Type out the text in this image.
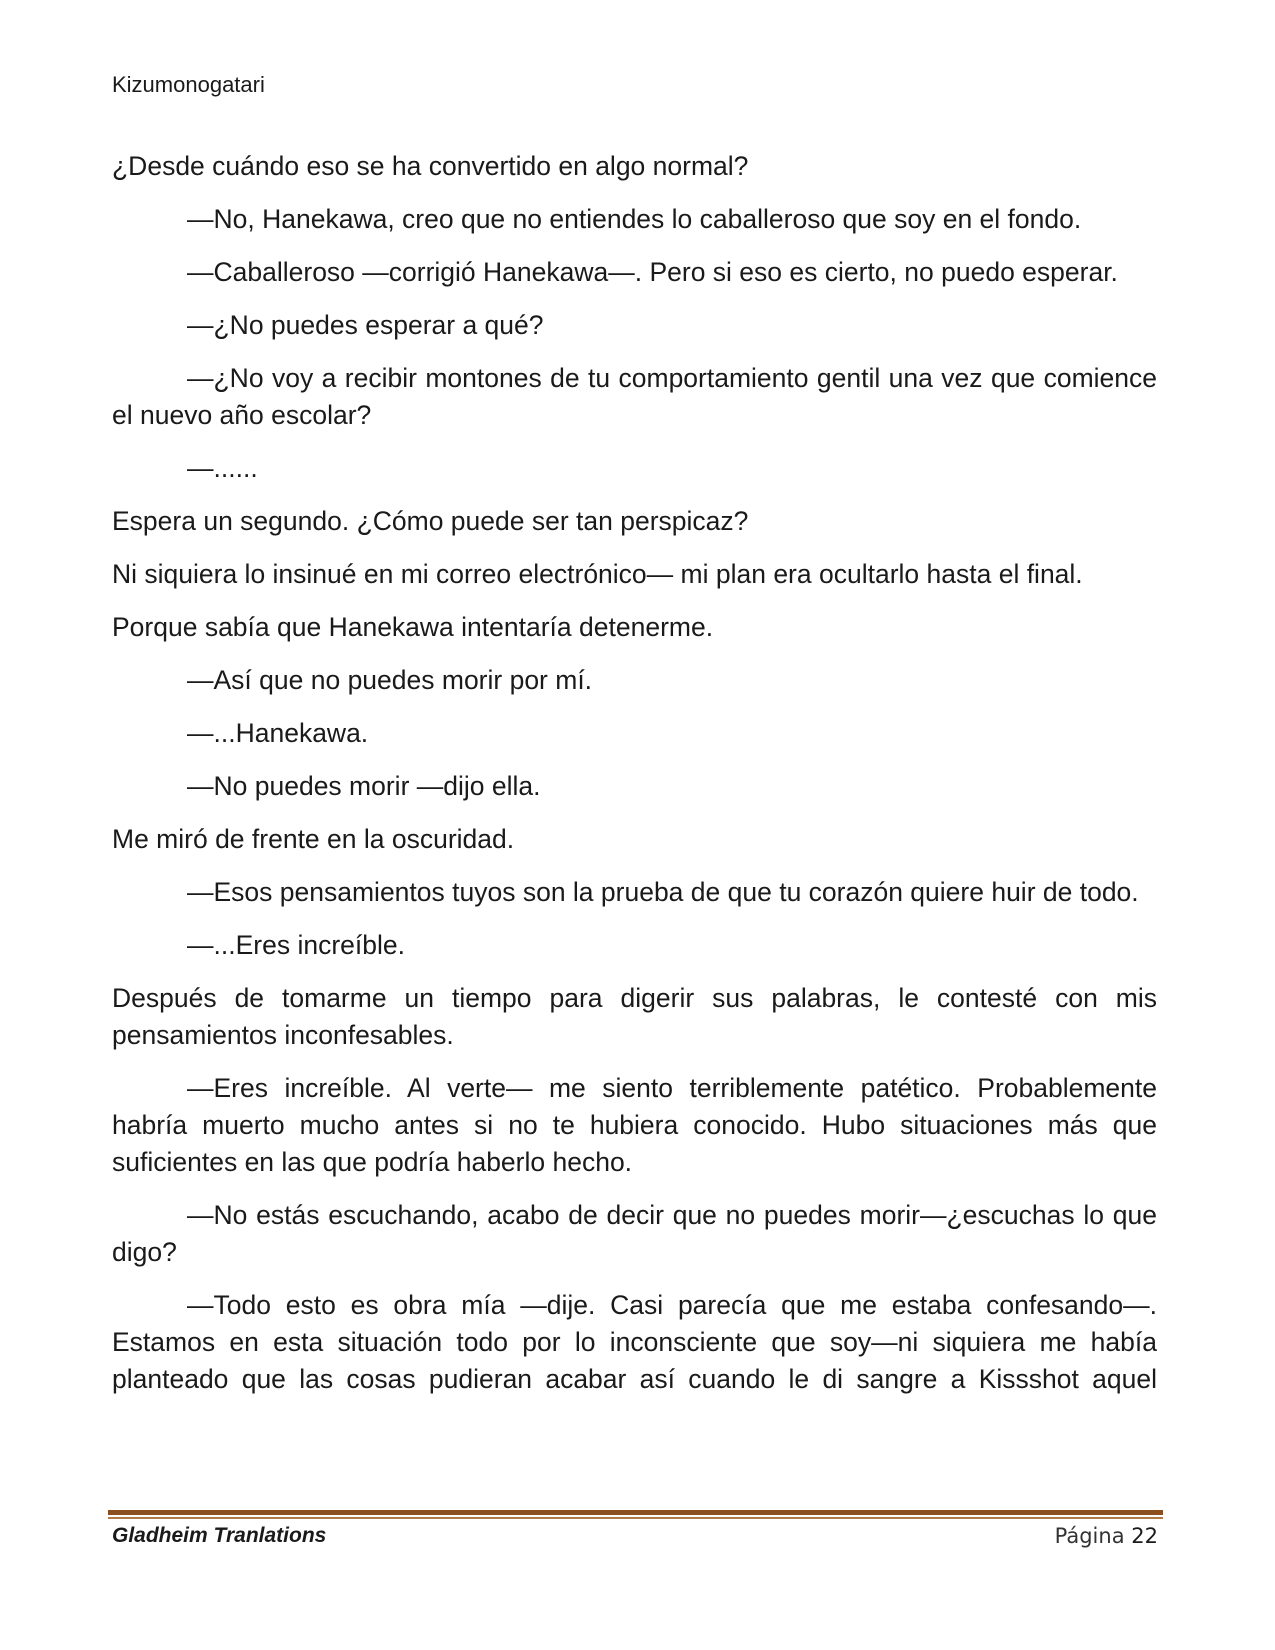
Kizumonogatari

¿Desde cuándo eso se ha convertido en algo normal?

—No, Hanekawa, creo que no entiendes lo caballeroso que soy en el fondo.

—Caballeroso —corrigió Hanekawa—. Pero si eso es cierto, no puedo esperar.

—¿No puedes esperar a qué?

—¿No voy a recibir montones de tu comportamiento gentil una vez que comience el nuevo año escolar?

—......

Espera un segundo. ¿Cómo puede ser tan perspicaz?

Ni siquiera lo insinué en mi correo electrónico— mi plan era ocultarlo hasta el final.

Porque sabía que Hanekawa intentaría detenerme.

—Así que no puedes morir por mí.

—...Hanekawa.

—No puedes morir —dijo ella.

Me miró de frente en la oscuridad.

—Esos pensamientos tuyos son la prueba de que tu corazón quiere huir de todo.

—...Eres increíble.

Después de tomarme un tiempo para digerir sus palabras, le contesté con mis pensamientos inconfesables.

—Eres increíble. Al verte— me siento terriblemente patético. Probablemente habría muerto mucho antes si no te hubiera conocido. Hubo situaciones más que suficientes en las que podría haberlo hecho.

—No estás escuchando, acabo de decir que no puedes morir—¿escuchas lo que digo?

—Todo esto es obra mía —dije. Casi parecía que me estaba confesando—. Estamos en esta situación todo por lo inconsciente que soy—ni siquiera me había planteado que las cosas pudieran acabar así cuando le di sangre a Kissshot aquel

Gladheim Tranlations	Página 22
